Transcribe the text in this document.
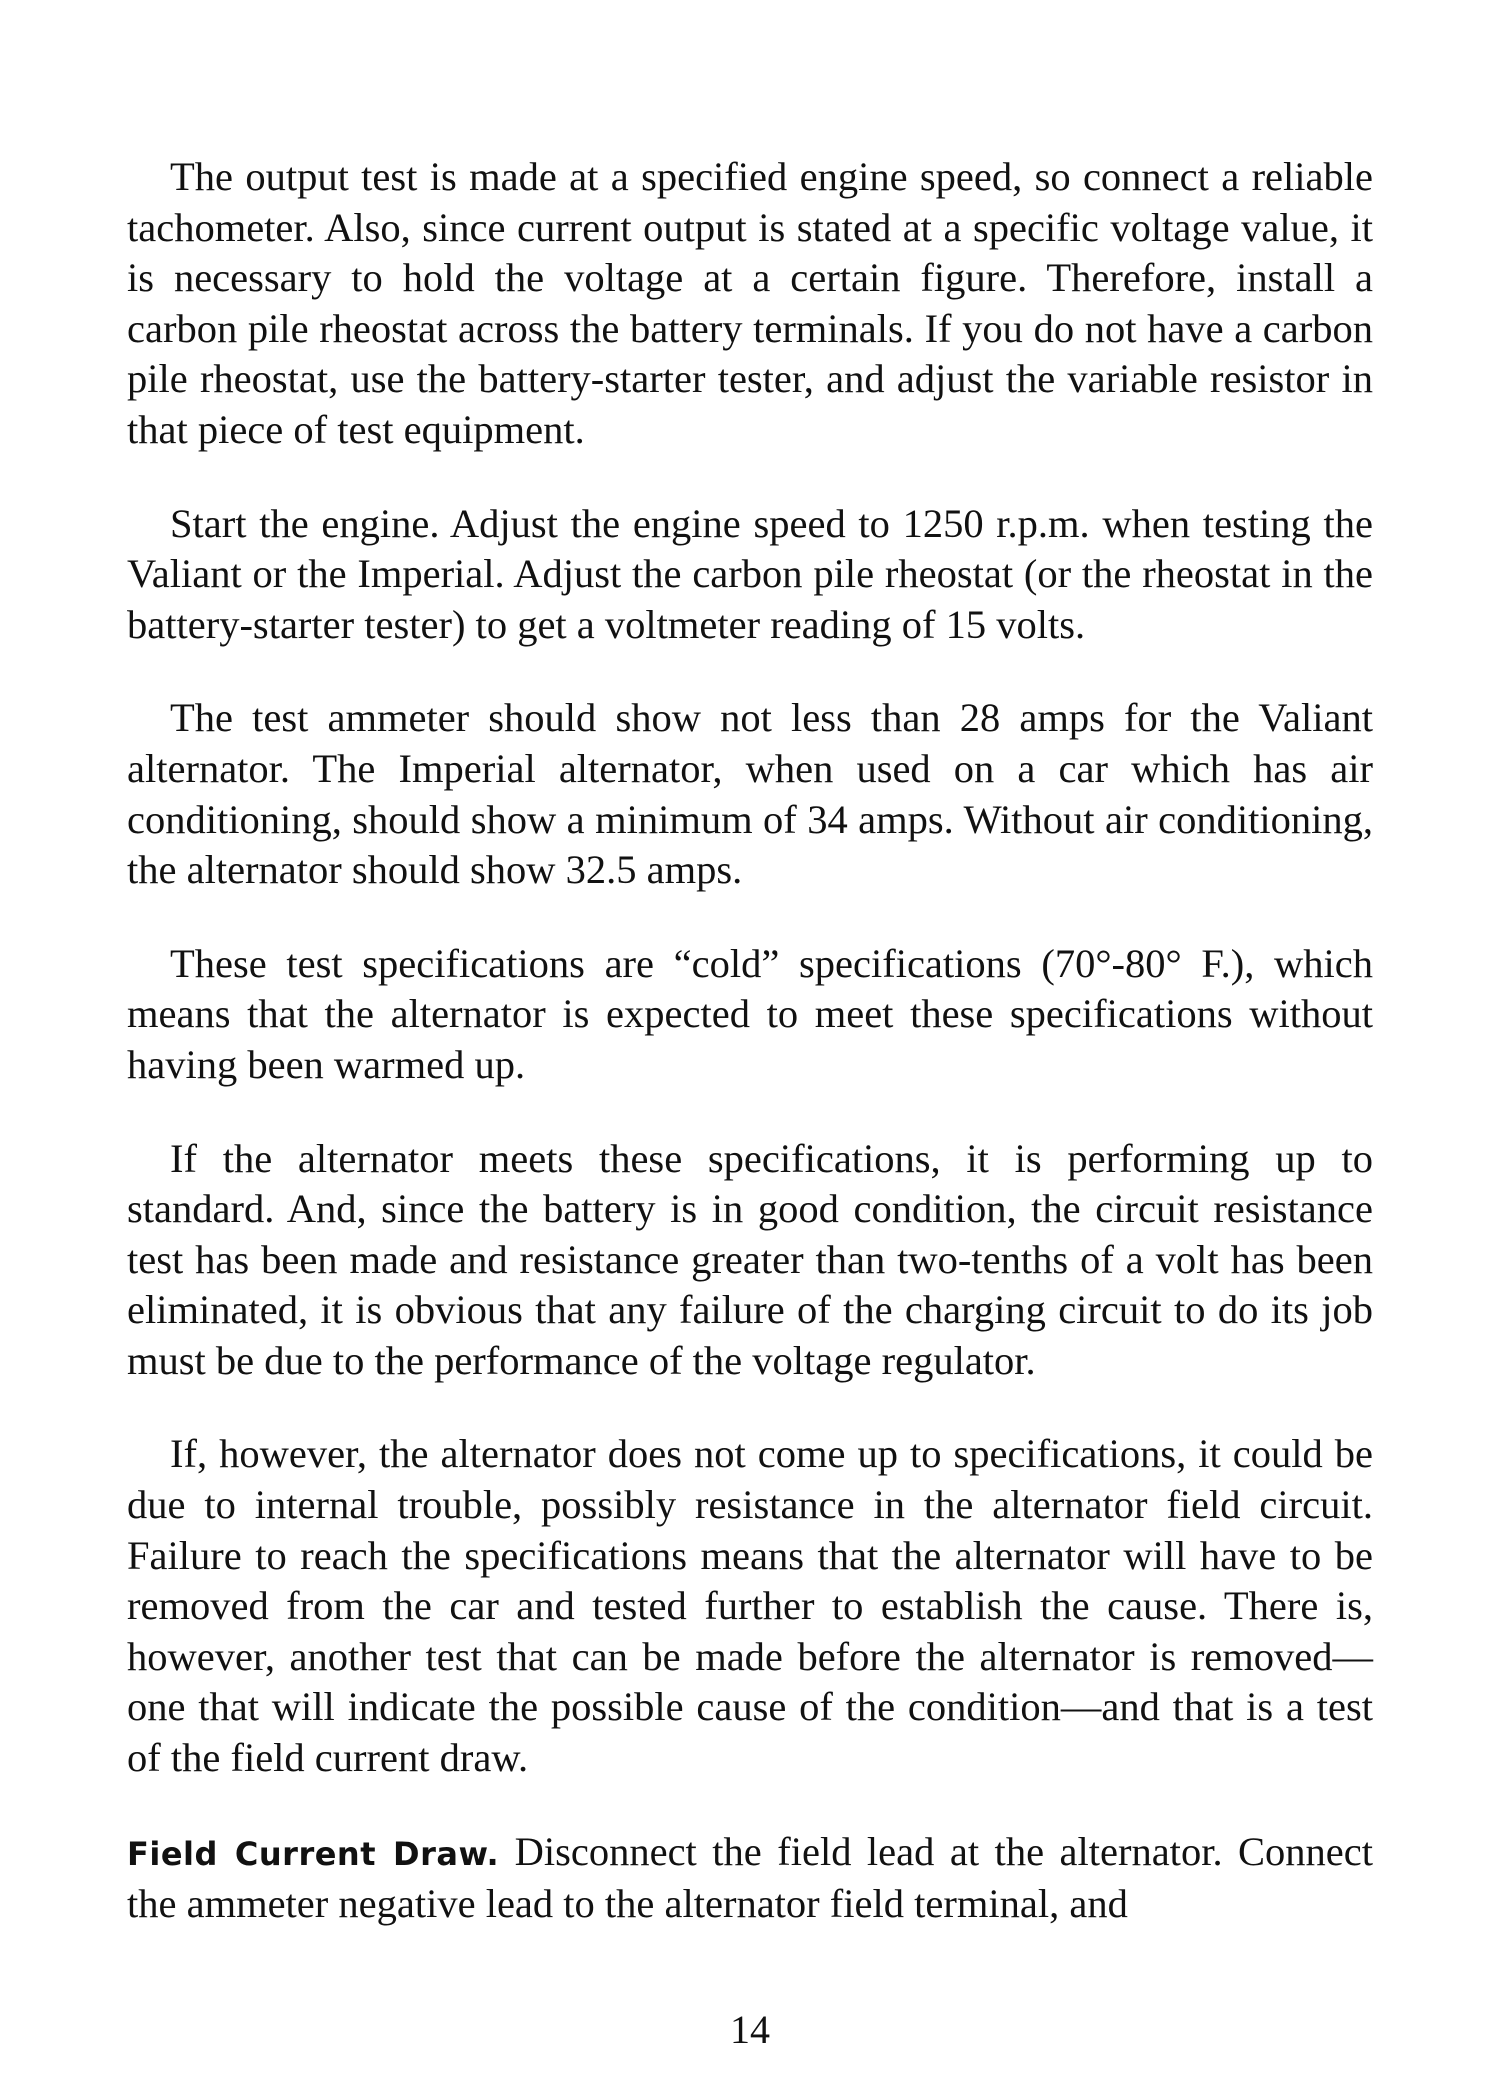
The output test is made at a specified engine speed, so connect a reliable tachometer. Also, since current output is stated at a specific voltage value, it is necessary to hold the voltage at a certain figure. Therefore, install a carbon pile rheostat across the battery terminals. If you do not have a carbon pile rheostat, use the battery-starter tester, and adjust the variable resistor in that piece of test equipment.

Start the engine. Adjust the engine speed to 1250 r.p.m. when testing the Valiant or the Imperial. Adjust the carbon pile rheostat (or the rheostat in the battery-starter tester) to get a voltmeter reading of 15 volts.

The test ammeter should show not less than 28 amps for the Valiant alternator. The Imperial alternator, when used on a car which has air conditioning, should show a minimum of 34 amps. Without air conditioning, the alternator should show 32.5 amps.

These test specifications are “cold” specifications (70°-80° F.), which means that the alternator is expected to meet these specifications without having been warmed up.

If the alternator meets these specifications, it is performing up to standard. And, since the battery is in good condition, the circuit resistance test has been made and resistance greater than two-tenths of a volt has been eliminated, it is obvious that any failure of the charging circuit to do its job must be due to the performance of the voltage regulator.

If, however, the alternator does not come up to specifications, it could be due to internal trouble, possibly resistance in the alternator field circuit. Failure to reach the specifications means that the alternator will have to be removed from the car and tested further to establish the cause. There is, however, another test that can be made before the alternator is removed—one that will indicate the possible cause of the condition—and that is a test of the field current draw.

Field Current Draw. Disconnect the field lead at the alternator. Connect the ammeter negative lead to the alternator field terminal, and

14
